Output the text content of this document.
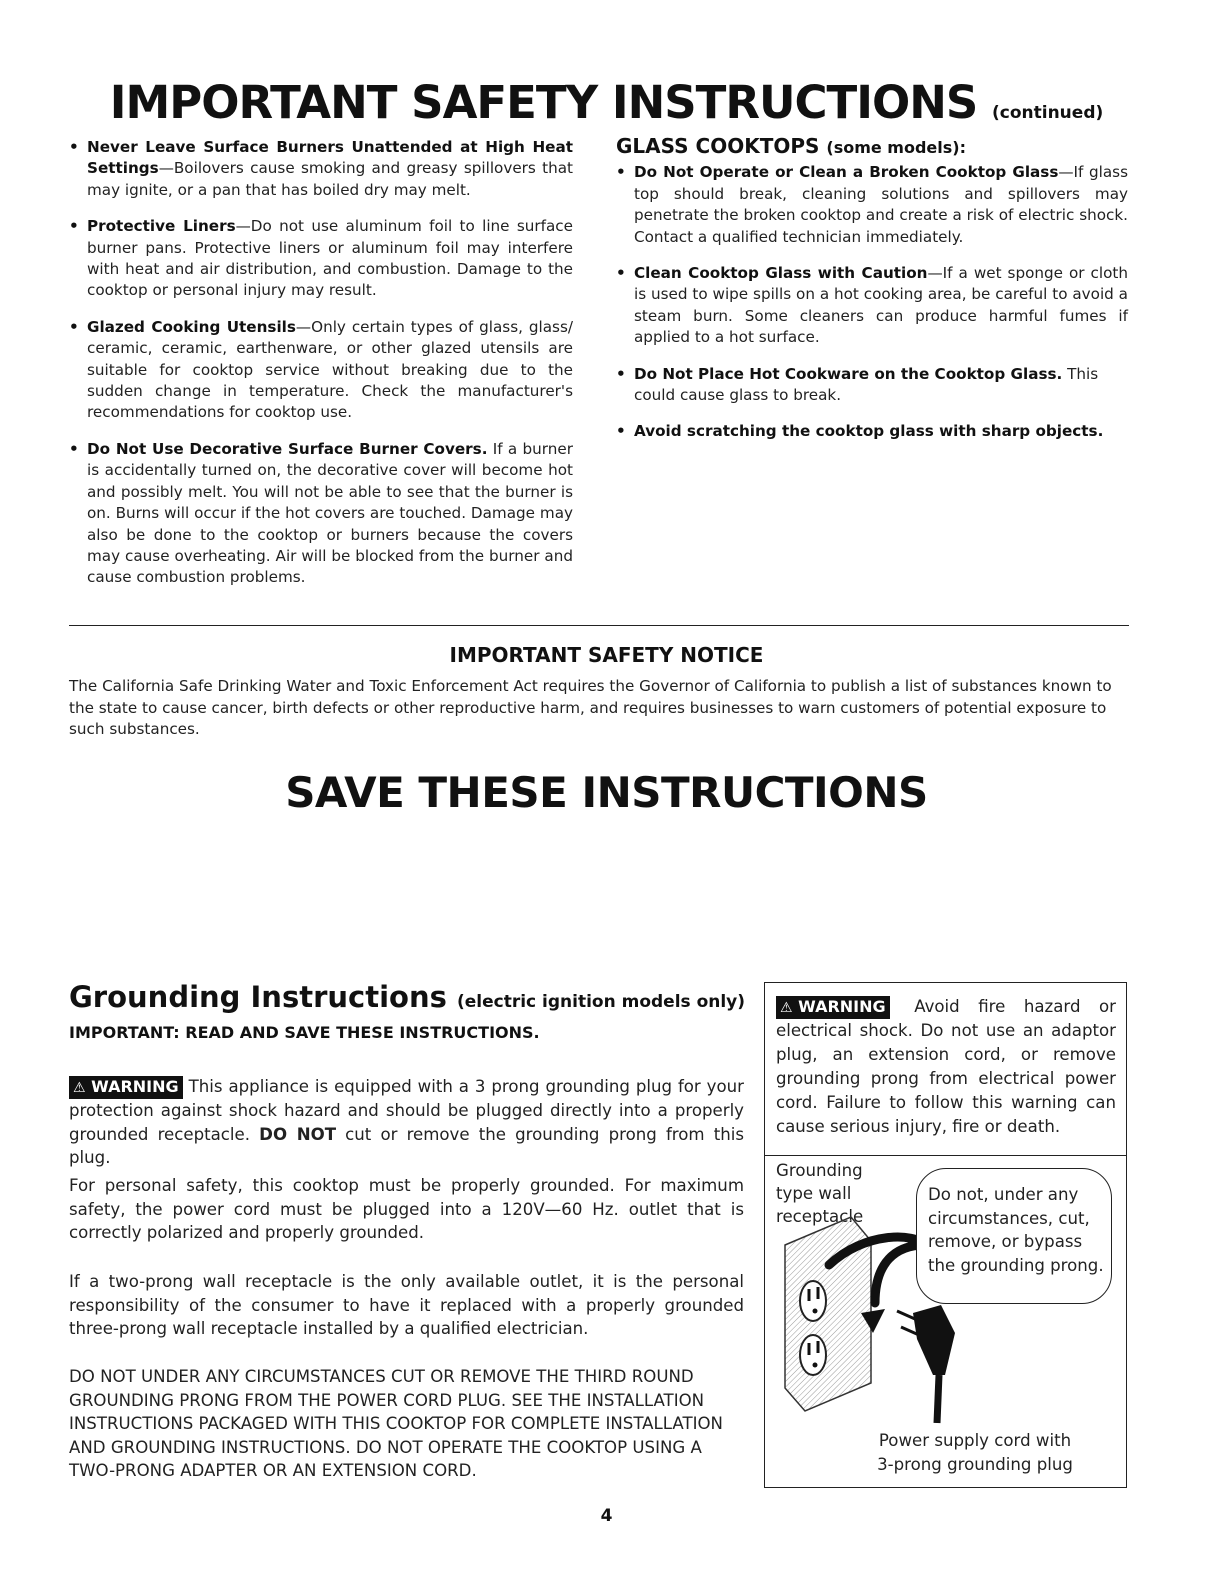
IMPORTANT SAFETY INSTRUCTIONS (continued)
• Never Leave Surface Burners Unattended at High Heat Settings—Boilovers cause smoking and greasy spillovers that may ignite, or a pan that has boiled dry may melt.
• Protective Liners—Do not use aluminum foil to line surface burner pans. Protective liners or aluminum foil may interfere with heat and air distribution, and combustion. Damage to the cooktop or personal injury may result.
• Glazed Cooking Utensils—Only certain types of glass, glass/ ceramic, ceramic, earthenware, or other glazed utensils are suitable for cooktop service without breaking due to the sudden change in temperature. Check the manufacturer's recommendations for cooktop use.
• Do Not Use Decorative Surface Burner Covers. If a burner is accidentally turned on, the decorative cover will become hot and possibly melt. You will not be able to see that the burner is on. Burns will occur if the hot covers are touched. Damage may also be done to the cooktop or burners because the covers may cause overheating. Air will be blocked from the burner and cause combustion problems.
GLASS COOKTOPS (some models):
• Do Not Operate or Clean a Broken Cooktop Glass—If glass top should break, cleaning solutions and spillovers may penetrate the broken cooktop and create a risk of electric shock. Contact a qualified technician immediately.
• Clean Cooktop Glass with Caution—If a wet sponge or cloth is used to wipe spills on a hot cooking area, be careful to avoid a steam burn. Some cleaners can produce harmful fumes if applied to a hot surface.
• Do Not Place Hot Cookware on the Cooktop Glass. This could cause glass to break.
• Avoid scratching the cooktop glass with sharp objects.
IMPORTANT SAFETY NOTICE
The California Safe Drinking Water and Toxic Enforcement Act requires the Governor of California to publish a list of substances known to the state to cause cancer, birth defects or other reproductive harm, and requires businesses to warn customers of potential exposure to such substances.
SAVE THESE INSTRUCTIONS
Grounding Instructions (electric ignition models only)
IMPORTANT: READ AND SAVE THESE INSTRUCTIONS.
⚠ WARNING This appliance is equipped with a 3 prong grounding plug for your protection against shock hazard and should be plugged directly into a properly grounded receptacle. DO NOT cut or remove the grounding prong from this plug.
For personal safety, this cooktop must be properly grounded. For maximum safety, the power cord must be plugged into a 120V—60 Hz. outlet that is correctly polarized and properly grounded.
If a two-prong wall receptacle is the only available outlet, it is the personal responsibility of the consumer to have it replaced with a properly grounded three-prong wall receptacle installed by a qualified electrician.
DO NOT UNDER ANY CIRCUMSTANCES CUT OR REMOVE THE THIRD ROUND GROUNDING PRONG FROM THE POWER CORD PLUG. SEE THE INSTALLATION INSTRUCTIONS PACKAGED WITH THIS COOKTOP FOR COMPLETE INSTALLATION AND GROUNDING INSTRUCTIONS. DO NOT OPERATE THE COOKTOP USING A TWO-PRONG ADAPTER OR AN EXTENSION CORD.
⚠ WARNING Avoid fire hazard or
electrical shock. Do not use an adaptor plug, an extension cord, or remove grounding prong from electrical power cord. Failure to follow this warning can cause serious injury, fire or death.
Grounding
type wall
receptacle
Do not, under any
circumstances, cut,
remove, or bypass
the grounding prong.
Power supply cord with
3-prong grounding plug
4
